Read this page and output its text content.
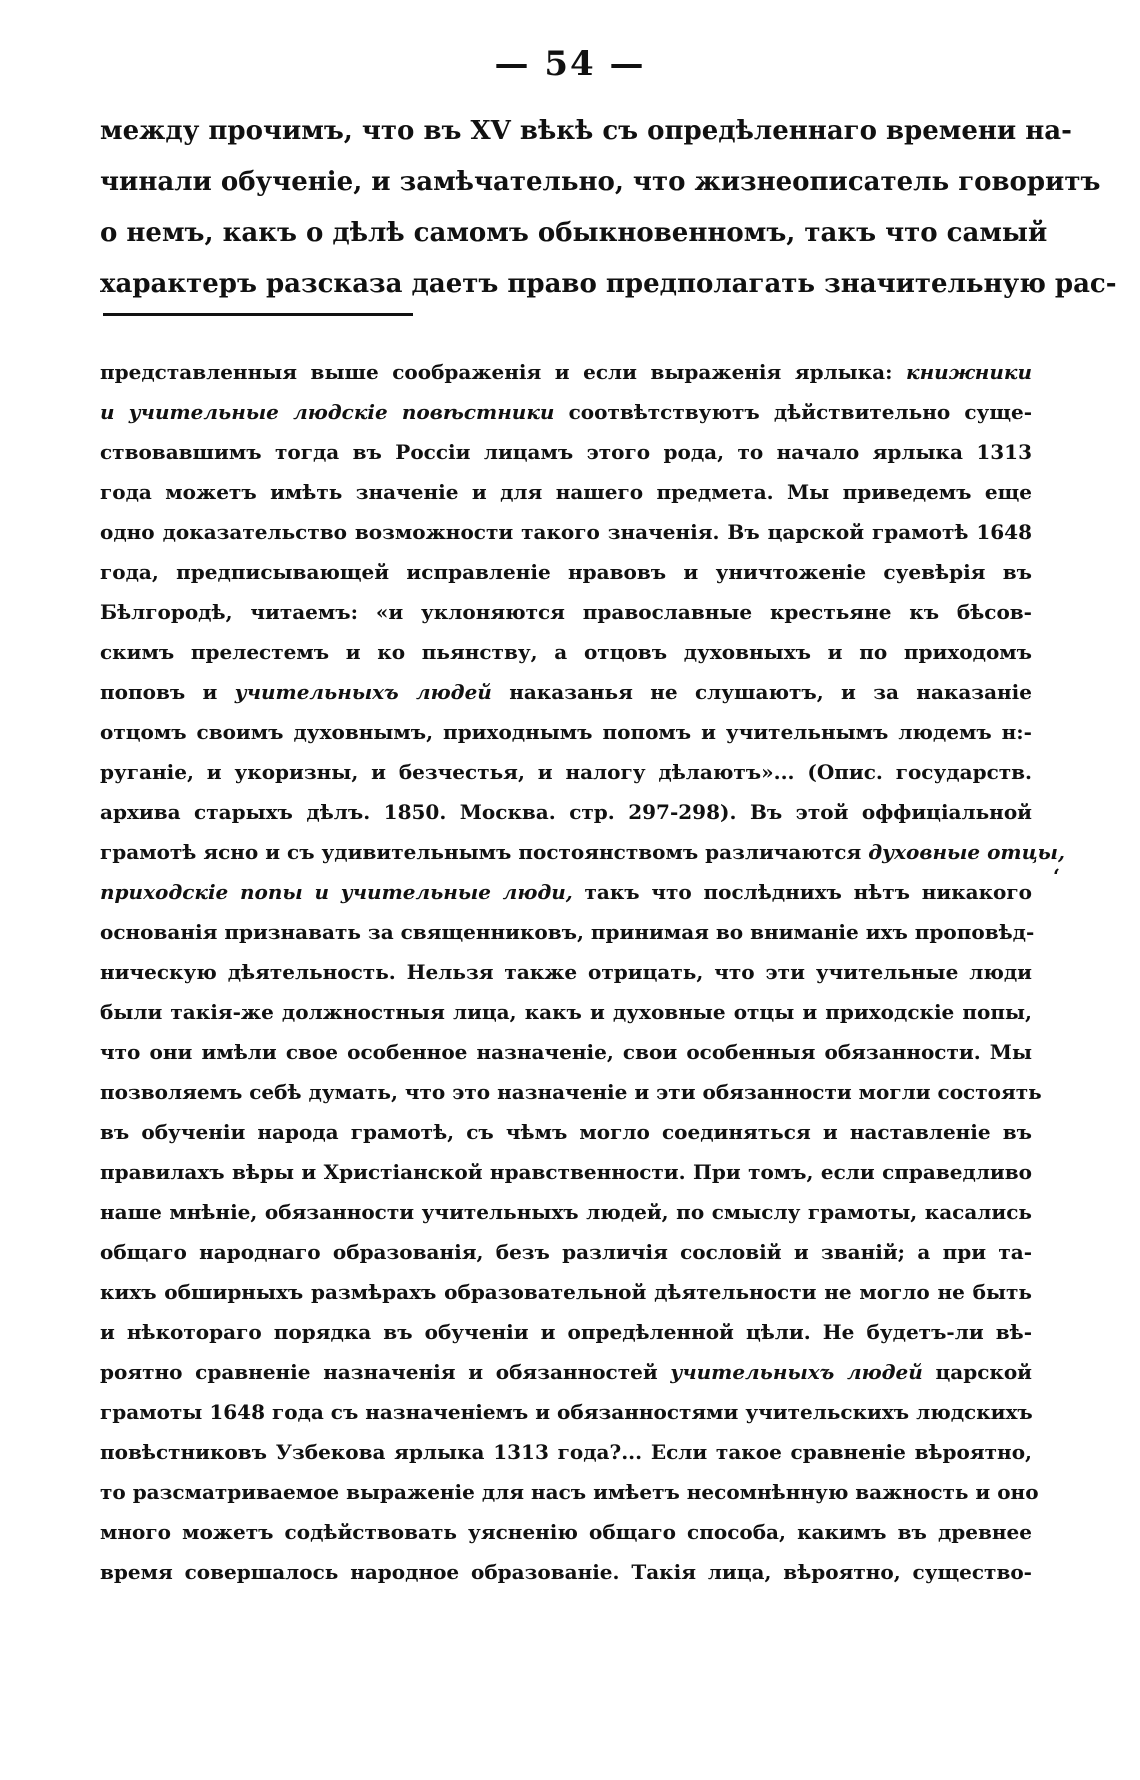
— 54 —
между прочимъ, что въ XV вѣкѣ съ опредѣленнаго времени на-
чинали обученіе, и замѣчательно, что жизнеописатель говоритъ
о немъ, какъ о дѣлѣ самомъ обыкновенномъ, такъ что самый
характеръ разсказа даетъ право предполагать значительную рас-
представленныя выше соображенія и если выраженія ярлыка: книжники
и учительные людскіе повѣстники соотвѣтствуютъ дѣйствительно суще-
ствовавшимъ тогда въ Россіи лицамъ этого рода, то начало ярлыка 1313
года можетъ имѣть значеніе и для нашего предмета. Мы приведемъ еще
одно доказательство возможности такого значенія. Въ царской грамотѣ 1648
года, предписывающей исправленіе нравовъ и уничтоженіе суевѣрія въ
Бѣлгородѣ, читаемъ: «и уклоняются православные крестьяне къ бѣсов-
скимъ прелестемъ и ко пьянству, а отцовъ духовныхъ и по приходомъ
поповъ и учительныхъ людей наказанья не слушаютъ, и за наказаніе
отцомъ своимъ духовнымъ, приходнымъ попомъ и учительнымъ людемъ н:-
руганіе, и укоризны, и безчестья, и налогу дѣлаютъ»... (Опис. государств.
архива старыхъ дѣлъ. 1850. Москва. стр. 297-298). Въ этой оффиціальной
грамотѣ ясно и съ удивительнымъ постоянствомъ различаются духовные отцы,
приходскіе попы и учительные люди, такъ что послѣднихъ нѣтъ никакого
основанія признавать за священниковъ, принимая во вниманіе ихъ проповѣд-
ническую дѣятельность. Нельзя также отрицать, что эти учительные люди
были такія-же должностныя лица, какъ и духовные отцы и приходскіе попы,
что они имѣли свое особенное назначеніе, свои особенныя обязанности. Мы
позволяемъ себѣ думать, что это назначеніе и эти обязанности могли состоять
въ обученіи народа грамотѣ, съ чѣмъ могло соединяться и наставленіе въ
правилахъ вѣры и Христіанской нравственности. При томъ, если справедливо
наше мнѣніе, обязанности учительныхъ людей, по смыслу грамоты, касались
общаго народнаго образованія, безъ различія сословій и званій; а при та-
кихъ обширныхъ размѣрахъ образовательной дѣятельности не могло не быть
и нѣкотораго порядка въ обученіи и опредѣленной цѣли. Не будетъ-ли вѣ-
роятно сравненіе назначенія и обязанностей учительныхъ людей царской
грамоты 1648 года съ назначеніемъ и обязанностями учительскихъ людскихъ
повѣстниковъ Узбекова ярлыка 1313 года?... Если такое сравненіе вѣроятно,
то разсматриваемое выраженіе для насъ имѣетъ несомнѣнную важность и оно
много можетъ содѣйствовать уясненію общаго способа, какимъ въ древнее
время совершалось народное образованіе. Такія лица, вѣроятно, существо-
ʻ
